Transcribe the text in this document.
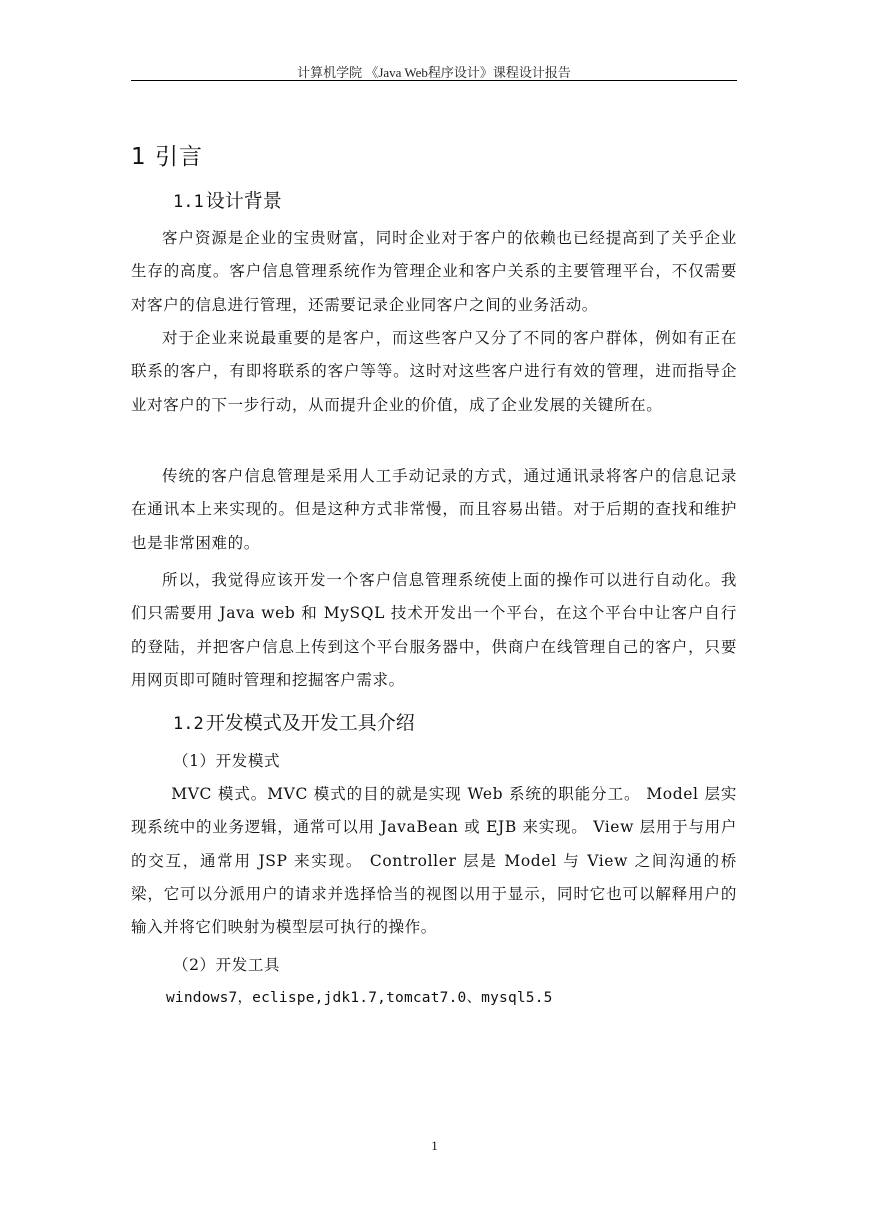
计算机学院 《Java Web程序设计》课程设计报告
1 引言
1.1 设计背景
客户资源是企业的宝贵财富，同时企业对于客户的依赖也已经提高到了关乎企业生存的高度。客户信息管理系统作为管理企业和客户关系的主要管理平台，不仅需要对客户的信息进行管理，还需要记录企业同客户之间的业务活动。
对于企业来说最重要的是客户，而这些客户又分了不同的客户群体，例如有正在联系的客户，有即将联系的客户等等。这时对这些客户进行有效的管理，进而指导企业对客户的下一步行动，从而提升企业的价值，成了企业发展的关键所在。
传统的客户信息管理是采用人工手动记录的方式，通过通讯录将客户的信息记录在通讯本上来实现的。但是这种方式非常慢，而且容易出错。对于后期的查找和维护也是非常困难的。
所以，我觉得应该开发一个客户信息管理系统使上面的操作可以进行自动化。我们只需要用 Java web 和 MySQL 技术开发出一个平台，在这个平台中让客户自行的登陆，并把客户信息上传到这个平台服务器中，供商户在线管理自己的客户，只要用网页即可随时管理和挖掘客户需求。
1.2 开发模式及开发工具介绍
（1）开发模式
MVC 模式。MVC 模式的目的就是实现 Web 系统的职能分工。 Model 层实现系统中的业务逻辑，通常可以用 JavaBean 或 EJB 来实现。 View 层用于与用户的交互，通常用 JSP 来实现。 Controller 层是 Model 与 View 之间沟通的桥梁，它可以分派用户的请求并选择恰当的视图以用于显示，同时它也可以解释用户的输入并将它们映射为模型层可执行的操作。
（2）开发工具
windows7，eclispe,jdk1.7,tomcat7.0、mysql5.5
1
